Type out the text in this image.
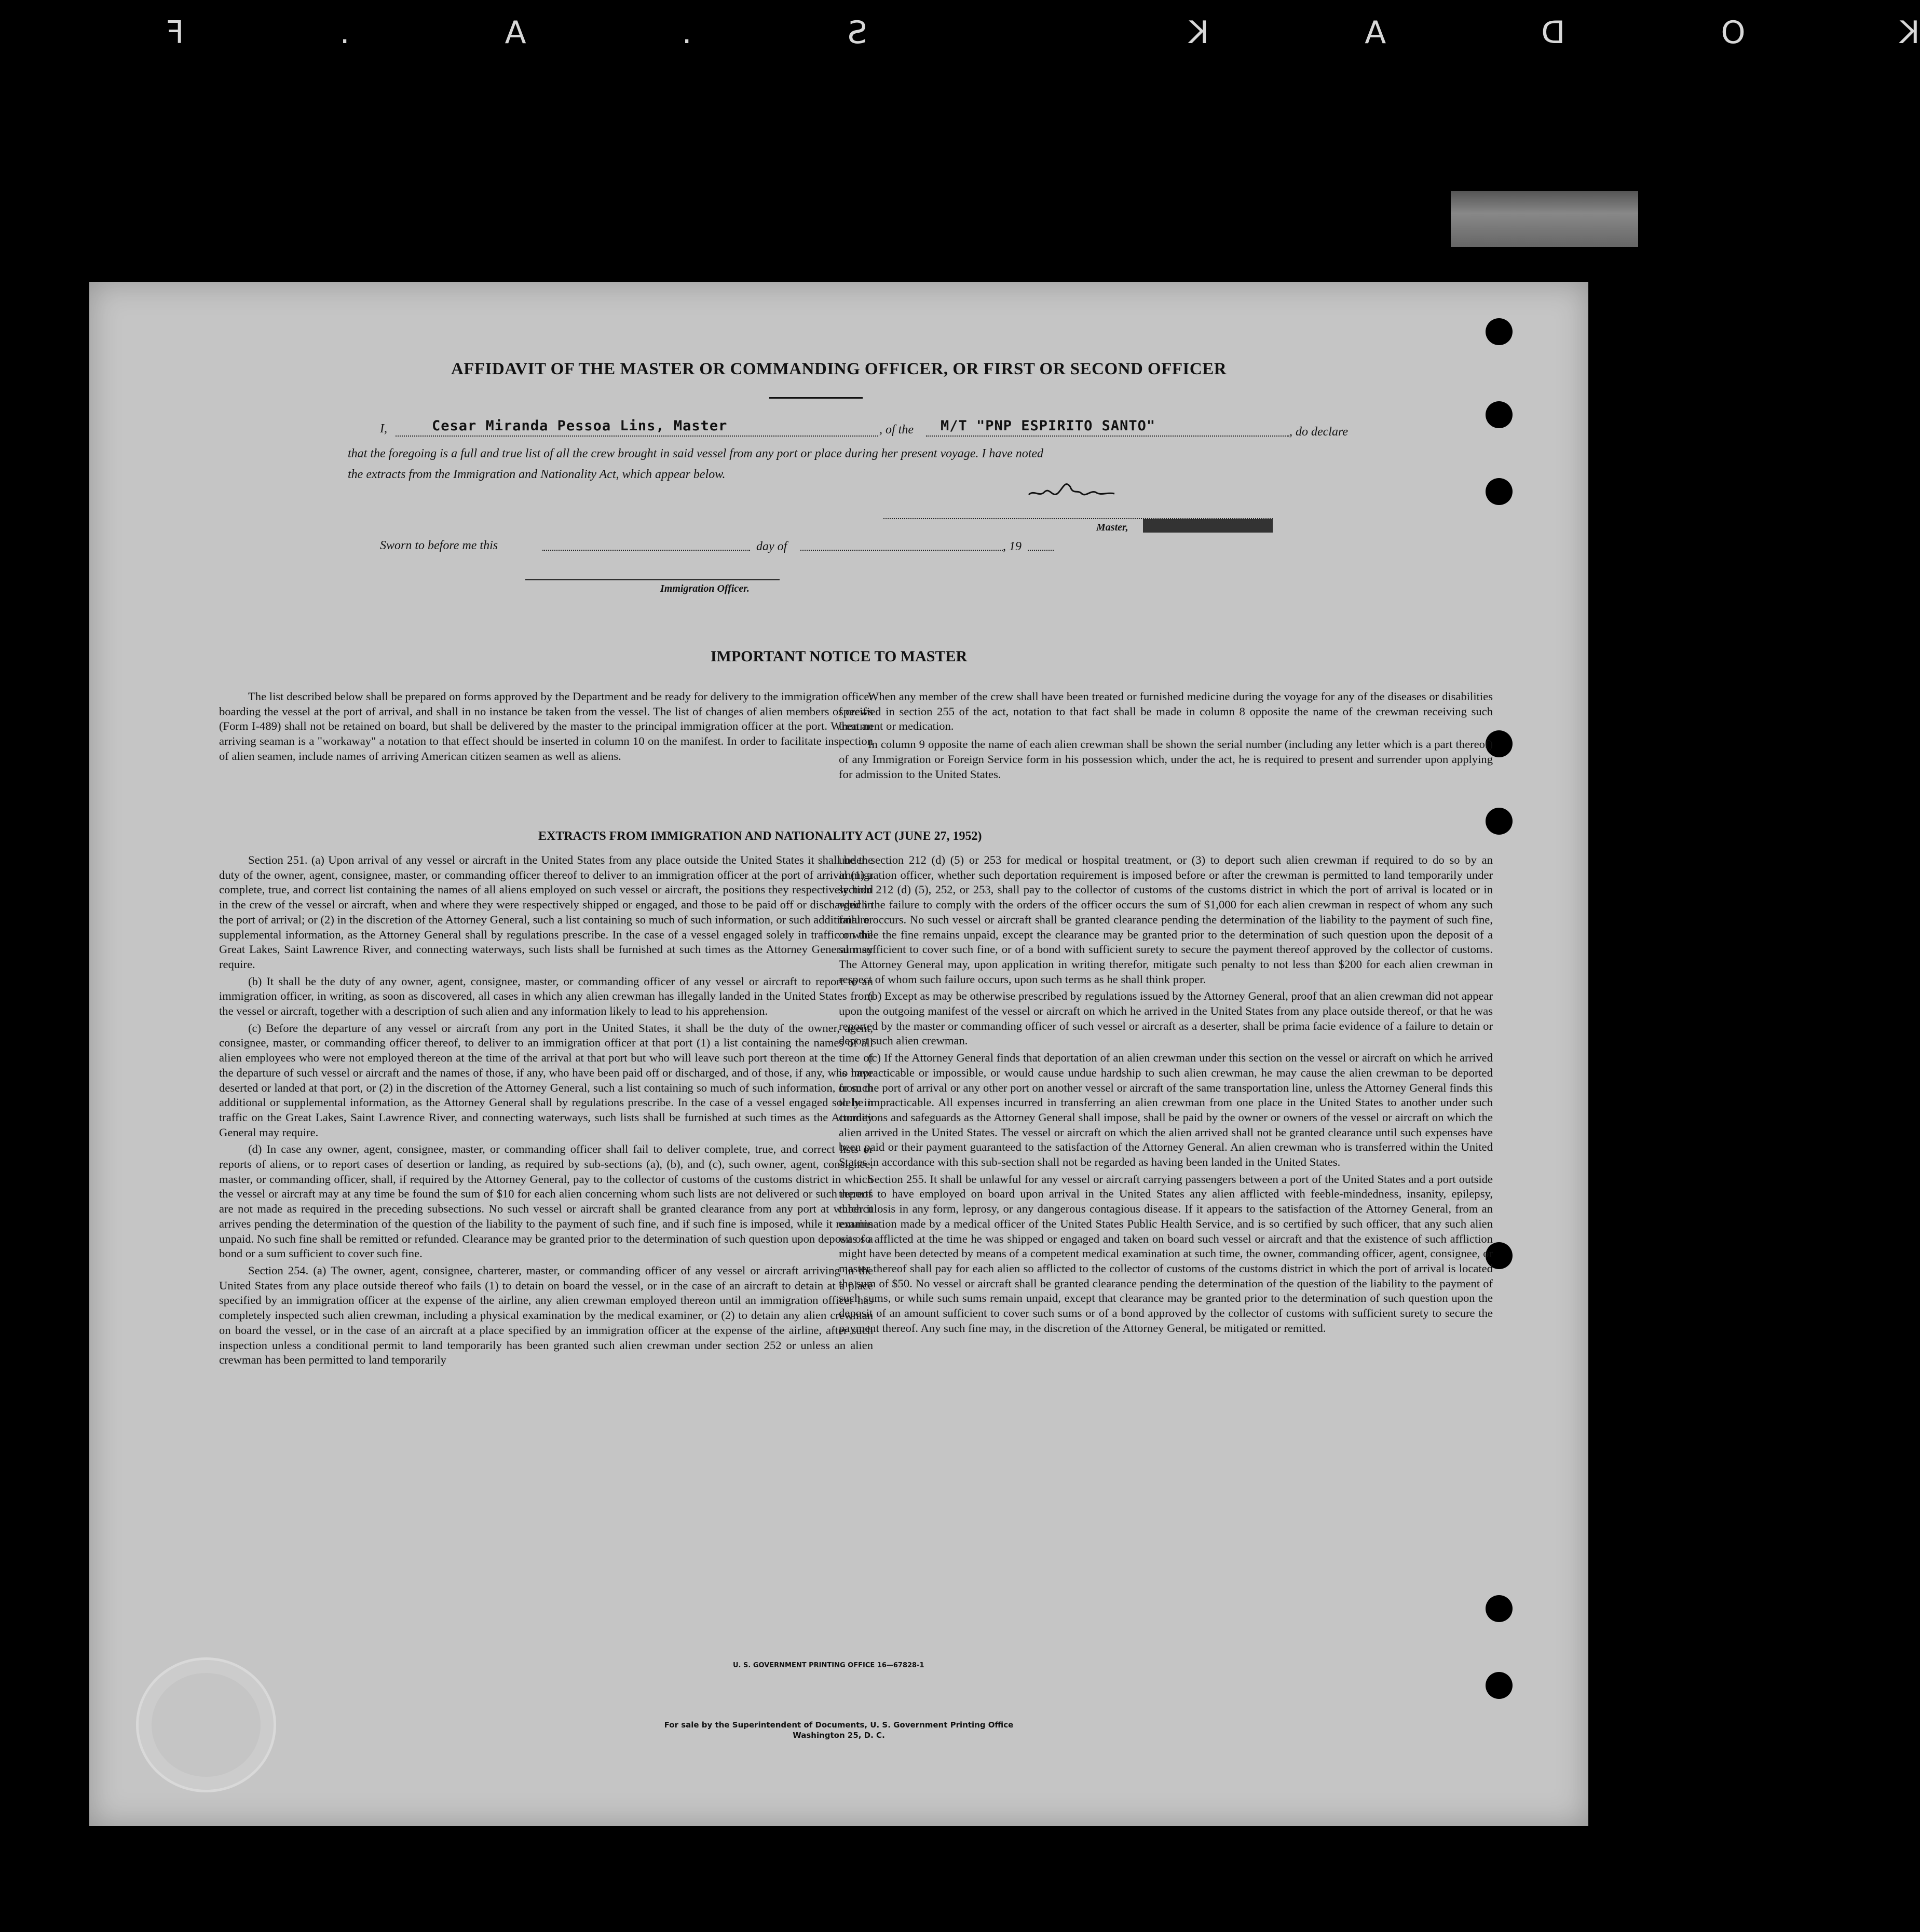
KODAK S.A.F
AFFIDAVIT OF THE MASTER OR COMMANDING OFFICER, OR FIRST OR SECOND OFFICER
I,	Cesar Miranda Pessoa Lins, Master	, of the M/T "PNP ESPIRITO SANTO"	, do declare
that the foregoing is a full and true list of all the crew brought in said vessel from any port or place during her present voyage. I have noted
the extracts from the Immigration and Nationality Act, which appear below.
Master,
Sworn to before me this	day of	, 19
Immigration Officer.
IMPORTANT NOTICE TO MASTER

The list described below shall be prepared on forms approved by the Department and be ready for delivery to the immigration officer boarding the vessel at the port of arrival, and shall in no instance be taken from the vessel. The list of changes of alien members of crews (Form I-489) shall not be retained on board, but shall be delivered by the master to the principal immigration officer at the port. When an arriving seaman is a "workaway" a notation to that effect should be inserted in column 10 on the manifest. In order to facilitate inspection of alien seamen, include names of arriving American citizen seamen as well as aliens.

When any member of the crew shall have been treated or furnished medicine during the voyage for any of the diseases or disabilities specified in section 255 of the act, notation to that fact shall be made in column 8 opposite the name of the crewman receiving such treatment or medication.

In column 9 opposite the name of each alien crewman shall be shown the serial number (including any letter which is a part thereof) of any Immigration or Foreign Service form in his possession which, under the act, he is required to present and surrender upon applying for admission to the United States.

EXTRACTS FROM IMMIGRATION AND NATIONALITY ACT (JUNE 27, 1952)

Section 251. (a) Upon arrival of any vessel or aircraft in the United States from any place outside the United States it shall be the duty of the owner, agent, consignee, master, or commanding officer thereof to deliver to an immigration officer at the port of arrival (1) a complete, true, and correct list containing the names of all aliens employed on such vessel or aircraft, the positions they respectively hold in the crew of the vessel or aircraft, when and where they were respectively shipped or engaged, and those to be paid off or discharged in the port of arrival; or (2) in the discretion of the Attorney General, such a list containing so much of such information, or such additional or supplemental information, as the Attorney General shall by regulations prescribe. In the case of a vessel engaged solely in traffic on the Great Lakes, Saint Lawrence River, and connecting waterways, such lists shall be furnished at such times as the Attorney General may require.

(b) It shall be the duty of any owner, agent, consignee, master, or commanding officer of any vessel or aircraft to report to an immigration officer, in writing, as soon as discovered, all cases in which any alien crewman has illegally landed in the United States from the vessel or aircraft, together with a description of such alien and any information likely to lead to his apprehension.

(c) Before the departure of any vessel or aircraft from any port in the United States, it shall be the duty of the owner, agent, consignee, master, or commanding officer thereof, to deliver to an immigration officer at that port (1) a list containing the names of all alien employees who were not employed thereon at the time of the arrival at that port but who will leave such port thereon at the time of the departure of such vessel or aircraft and the names of those, if any, who have been paid off or discharged, and of those, if any, who have deserted or landed at that port, or (2) in the discretion of the Attorney General, such a list containing so much of such information, or such additional or supplemental information, as the Attorney General shall by regulations prescribe. In the case of a vessel engaged solely in traffic on the Great Lakes, Saint Lawrence River, and connecting waterways, such lists shall be furnished at such times as the Attorney General may require.

(d) In case any owner, agent, consignee, master, or commanding officer shall fail to deliver complete, true, and correct lists or reports of aliens, or to report cases of desertion or landing, as required by sub-sections (a), (b), and (c), such owner, agent, consignee, master, or commanding officer, shall, if required by the Attorney General, pay to the collector of customs of the customs district in which the vessel or aircraft may at any time be found the sum of $10 for each alien concerning whom such lists are not delivered or such reports are not made as required in the preceding subsections. No such vessel or aircraft shall be granted clearance from any port at which it arrives pending the determination of the question of the liability to the payment of such fine, and if such fine is imposed, while it remains unpaid. No such fine shall be remitted or refunded. Clearance may be granted prior to the determination of such question upon deposit of a bond or a sum sufficient to cover such fine.

Section 254. (a) The owner, agent, consignee, charterer, master, or commanding officer of any vessel or aircraft arriving in the United States from any place outside thereof who fails (1) to detain on board the vessel, or in the case of an aircraft to detain at a place specified by an immigration officer at the expense of the airline, any alien crewman employed thereon until an immigration officer has completely inspected such alien crewman, including a physical examination by the medical examiner, or (2) to detain any alien crewman on board the vessel, or in the case of an aircraft at a place specified by an immigration officer at the expense of the airline, after such inspection unless a conditional permit to land temporarily has been granted such alien crewman under section 252 or unless an alien crewman has been permitted to land temporarily

under section 212 (d) (5) or 253 for medical or hospital treatment, or (3) to deport such alien crewman if required to do so by an immigration officer, whether such deportation requirement is imposed before or after the crewman is permitted to land temporarily under section 212 (d) (5), 252, or 253, shall pay to the collector of customs of the customs district in which the port of arrival is located or in which the failure to comply with the orders of the officer occurs the sum of $1,000 for each alien crewman in respect of whom any such failure occurs. No such vessel or aircraft shall be granted clearance pending the determination of the liability to the payment of such fine, or while the fine remains unpaid, except the clearance may be granted prior to the determination of such question upon the deposit of a sum sufficient to cover such fine, or of a bond with sufficient surety to secure the payment thereof approved by the collector of customs. The Attorney General may, upon application in writing therefor, mitigate such penalty to not less than $200 for each alien crewman in respect of whom such failure occurs, upon such terms as he shall think proper.

(b) Except as may be otherwise prescribed by regulations issued by the Attorney General, proof that an alien crewman did not appear upon the outgoing manifest of the vessel or aircraft on which he arrived in the United States from any place outside thereof, or that he was reported by the master or commanding officer of such vessel or aircraft as a deserter, shall be prima facie evidence of a failure to detain or deport such alien crewman.

(c) If the Attorney General finds that deportation of an alien crewman under this section on the vessel or aircraft on which he arrived is impracticable or impossible, or would cause undue hardship to such alien crewman, he may cause the alien crewman to be deported from the port of arrival or any other port on another vessel or aircraft of the same transportation line, unless the Attorney General finds this to be impracticable. All expenses incurred in transferring an alien crewman from one place in the United States to another under such conditions and safeguards as the Attorney General shall impose, shall be paid by the owner or owners of the vessel or aircraft on which the alien arrived in the United States. The vessel or aircraft on which the alien arrived shall not be granted clearance until such expenses have been paid or their payment guaranteed to the satisfaction of the Attorney General. An alien crewman who is transferred within the United States in accordance with this sub-section shall not be regarded as having been landed in the United States.

Section 255. It shall be unlawful for any vessel or aircraft carrying passengers between a port of the United States and a port outside thereof to have employed on board upon arrival in the United States any alien afflicted with feeble-mindedness, insanity, epilepsy, tuberculosis in any form, leprosy, or any dangerous contagious disease. If it appears to the satisfaction of the Attorney General, from an examination made by a medical officer of the United States Public Health Service, and is so certified by such officer, that any such alien was so afflicted at the time he was shipped or engaged and taken on board such vessel or aircraft and that the existence of such affliction might have been detected by means of a competent medical examination at such time, the owner, commanding officer, agent, consignee, or master thereof shall pay for each alien so afflicted to the collector of customs of the customs district in which the port of arrival is located the sum of $50. No vessel or aircraft shall be granted clearance pending the determination of the question of the liability to the payment of such sums, or while such sums remain unpaid, except that clearance may be granted prior to the determination of such question upon the deposit of an amount sufficient to cover such sums or of a bond approved by the collector of customs with sufficient surety to secure the payment thereof. Any such fine may, in the discretion of the Attorney General, be mitigated or remitted.

U. S. GOVERNMENT PRINTING OFFICE 16—67828-1
For sale by the Superintendent of Documents, U. S. Government Printing Office
Washington 25, D. C.
